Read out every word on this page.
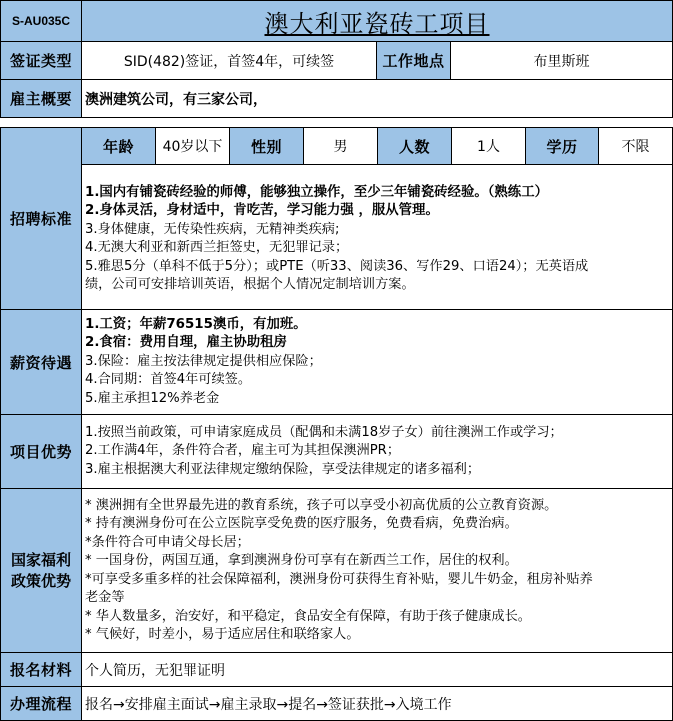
S-AU035C	澳大利亚瓷砖工项目
签证类型	SID(482)签证，首签4年，可续签	工作地点	布里斯班
雇主概要 澳洲建筑公司，有三家公司，
招聘标准
年龄	40岁以下	性别	男	人数	1人	学历	不限
1.国内有铺瓷砖经验的师傅，能够独立操作，至少三年铺瓷砖经验。（熟练工）
2.身体灵活，身材适中，肯吃苦，学习能力强 ，服从管理。
3.身体健康，无传染性疾病，无精神类疾病;
4.无澳大利亚和新西兰拒签史，无犯罪记录；
5.雅思5分（单科不低于5分）；或PTE（听33、阅读36、写作29、口语24）；无英语成
绩，公司可安排培训英语，根据个人情况定制培训方案。
薪资待遇
1.工资；年薪76515澳币，有加班。
2.食宿：费用自理，雇主协助租房
3.保险：雇主按法律规定提供相应保险；
4.合同期：首签4年可续签。
5.雇主承担12%养老金
项目优势
1.按照当前政策，可申请家庭成员（配偶和未满18岁子女）前往澳洲工作或学习；
2.工作满4年，条件符合者，雇主可为其担保澳洲PR；
3.雇主根据澳大利亚法律规定缴纳保险，享受法律规定的诸多福利；
国家福利
政策优势
* 澳洲拥有全世界最先进的教育系统，孩子可以享受小初高优质的公立教育资源。
* 持有澳洲身份可在公立医院享受免费的医疗服务，免费看病，免费治病。
*条件符合可申请父母长居；
* 一国身份，两国互通，拿到澳洲身份可享有在新西兰工作，居住的权利。
*可享受多重多样的社会保障福利，澳洲身份可获得生育补贴，婴儿牛奶金，租房补贴养
老金等
* 华人数量多，治安好，和平稳定，食品安全有保障，有助于孩子健康成长。
* 气候好，时差小，易于适应居住和联络家人。
报名材料 个人简历，无犯罪证明
办理流程 报名→安排雇主面试→雇主录取→提名→签证获批→入境工作
